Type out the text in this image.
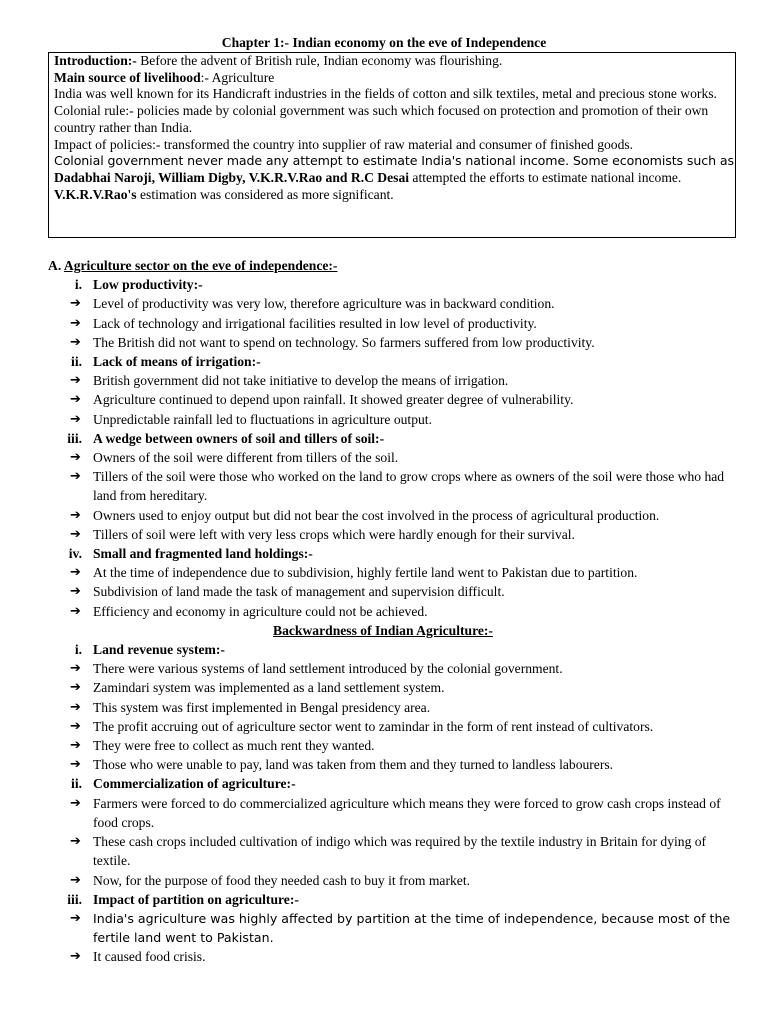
Chapter 1:- Indian economy on the eve of Independence

Introduction:- Before the advent of British rule, Indian economy was flourishing.

Main source of livelihood:- Agriculture

India was well known for its Handicraft industries in the fields of cotton and silk textiles, metal and precious stone works.

Colonial rule:- policies made by colonial government was such which focused on protection and promotion of their own country rather than India.

Impact of policies:- transformed the country into supplier of raw material and consumer of finished goods.

Colonial government never made any attempt to estimate India's national income. Some economists such as Dadabhai Naroji, William Digby, V.K.R.V.Rao and R.C Desai attempted the efforts to estimate national income.

V.K.R.V.Rao's estimation was considered as more significant.

A. Agriculture sector on the eve of independence:-
i. Low productivity:-
➔ Level of productivity was very low, therefore agriculture was in backward condition.
➔ Lack of technology and irrigational facilities resulted in low level of productivity.
➔ The British did not want to spend on technology. So farmers suffered from low productivity.
ii. Lack of means of irrigation:-
➔ British government did not take initiative to develop the means of irrigation.
➔ Agriculture continued to depend upon rainfall. It showed greater degree of vulnerability.
➔ Unpredictable rainfall led to fluctuations in agriculture output.
iii. A wedge between owners of soil and tillers of soil:-
➔ Owners of the soil were different from tillers of the soil.
➔ Tillers of the soil were those who worked on the land to grow crops where as owners of the soil were those who had land from hereditary.
➔ Owners used to enjoy output but did not bear the cost involved in the process of agricultural production.
➔ Tillers of soil were left with very less crops which were hardly enough for their survival.
iv. Small and fragmented land holdings:-
➔ At the time of independence due to subdivision, highly fertile land went to Pakistan due to partition.
➔ Subdivision of land made the task of management and supervision difficult.
➔ Efficiency and economy in agriculture could not be achieved.
Backwardness of Indian Agriculture:-
i. Land revenue system:-
➔ There were various systems of land settlement introduced by the colonial government.
➔ Zamindari system was implemented as a land settlement system.
➔ This system was first implemented in Bengal presidency area.
➔ The profit accruing out of agriculture sector went to zamindar in the form of rent instead of cultivators.
➔ They were free to collect as much rent they wanted.
➔ Those who were unable to pay, land was taken from them and they turned to landless labourers.
ii. Commercialization of agriculture:-
➔ Farmers were forced to do commercialized agriculture which means they were forced to grow cash crops instead of food crops.
➔ These cash crops included cultivation of indigo which was required by the textile industry in Britain for dying of textile.
➔ Now, for the purpose of food they needed cash to buy it from market.
iii. Impact of partition on agriculture:-
➔ India's agriculture was highly affected by partition at the time of independence, because most of the fertile land went to Pakistan.
➔ It caused food crisis.
